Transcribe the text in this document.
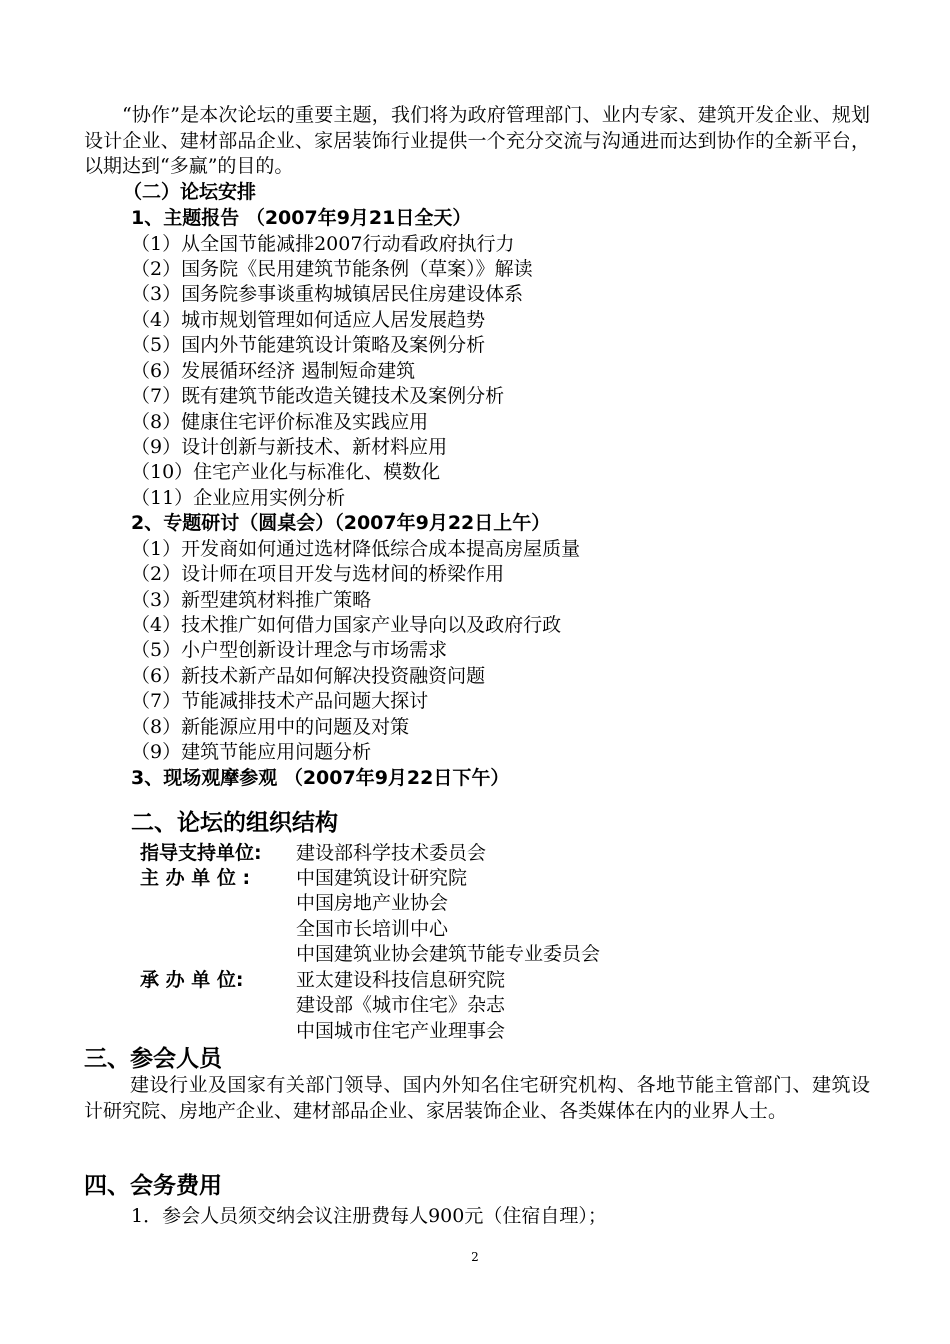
“协作”是本次论坛的重要主题，我们将为政府管理部门、业内专家、建筑开发企业、规划设计企业、建材部品企业、家居装饰行业提供一个充分交流与沟通进而达到协作的全新平台，以期达到“多赢”的目的。
（二）论坛安排
1、主题报告 （2007年9月21日全天）
（1）从全国节能减排2007行动看政府执行力
（2）国务院《民用建筑节能条例（草案）》解读
（3）国务院参事谈重构城镇居民住房建设体系
（4）城市规划管理如何适应人居发展趋势
（5）国内外节能建筑设计策略及案例分析
（6）发展循环经济 遏制短命建筑
（7）既有建筑节能改造关键技术及案例分析
（8）健康住宅评价标准及实践应用
（9）设计创新与新技术、新材料应用
（10）住宅产业化与标准化、模数化
（11）企业应用实例分析
2、专题研讨（圆桌会）（2007年9月22日上午）
（1）开发商如何通过选材降低综合成本提高房屋质量
（2）设计师在项目开发与选材间的桥梁作用
（3）新型建筑材料推广策略
（4）技术推广如何借力国家产业导向以及政府行政
（5）小户型创新设计理念与市场需求
（6）新技术新产品如何解决投资融资问题
（7）节能减排技术产品问题大探讨
（8）新能源应用中的问题及对策
（9）建筑节能应用问题分析
3、现场观摩参观 （2007年9月22日下午）
二、论坛的组织结构
指导支持单位: 建设部科学技术委员会
主 办 单 位 : 中国建筑设计研究院
中国房地产业协会
全国市长培训中心
中国建筑业协会建筑节能专业委员会
承 办 单 位:	亚太建设科技信息研究院
建设部《城市住宅》杂志
中国城市住宅产业理事会
三、参会人员
建设行业及国家有关部门领导、国内外知名住宅研究机构、各地节能主管部门、建筑设计研究院、房地产企业、建材部品企业、家居装饰企业、各类媒体在内的业界人士。
四、会务费用
1．参会人员须交纳会议注册费每人900元（住宿自理）；
2
